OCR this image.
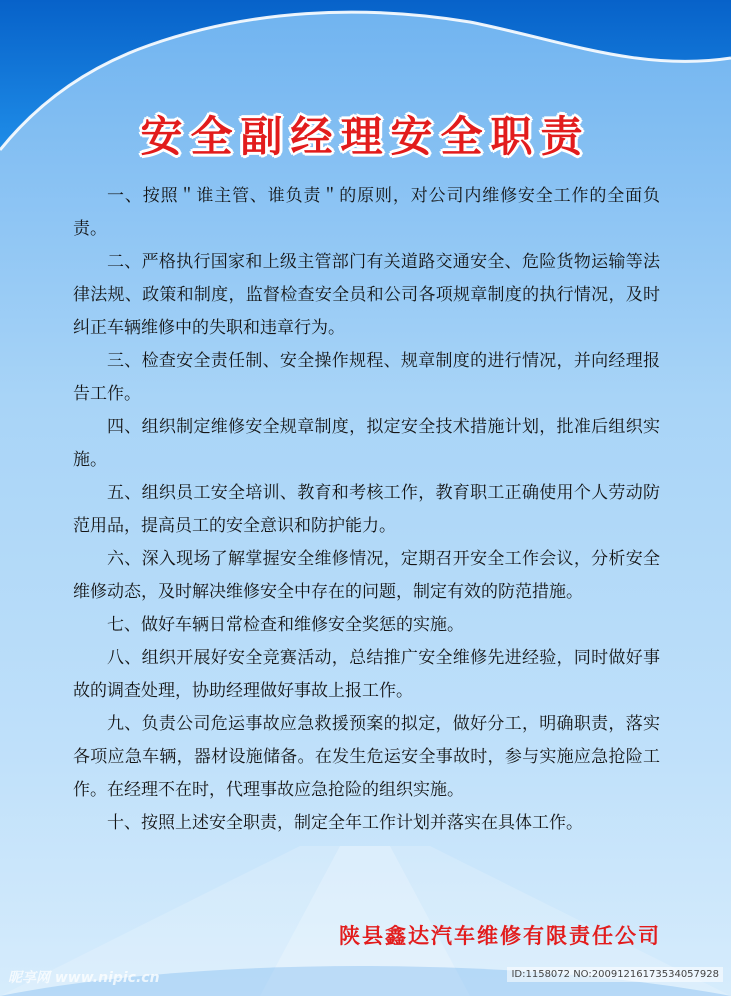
安全副经理安全职责

一、按照＂谁主管、谁负责＂的原则，对公司内维修安全工作的全面负责。

二、严格执行国家和上级主管部门有关道路交通安全、危险货物运输等法律法规、政策和制度，监督检查安全员和公司各项规章制度的执行情况，及时纠正车辆维修中的失职和违章行为。

三、检查安全责任制、安全操作规程、规章制度的进行情况，并向经理报告工作。

四、组织制定维修安全规章制度，拟定安全技术措施计划，批准后组织实施。

五、组织员工安全培训、教育和考核工作，教育职工正确使用个人劳动防范用品，提高员工的安全意识和防护能力。

六、深入现场了解掌握安全维修情况，定期召开安全工作会议，分析安全维修动态，及时解决维修安全中存在的问题，制定有效的防范措施。

七、做好车辆日常检查和维修安全奖惩的实施。

八、组织开展好安全竞赛活动，总结推广安全维修先进经验，同时做好事故的调查处理，协助经理做好事故上报工作。

九、负责公司危运事故应急救援预案的拟定，做好分工，明确职责，落实各项应急车辆，器材设施储备。在发生危运安全事故时，参与实施应急抢险工作。在经理不在时，代理事故应急抢险的组织实施。

十、按照上述安全职责，制定全年工作计划并落实在具体工作。

陕县鑫达汽车维修有限责任公司
昵享网 www.nipic.cn	ID:1158072 NO:20091216173534057928
